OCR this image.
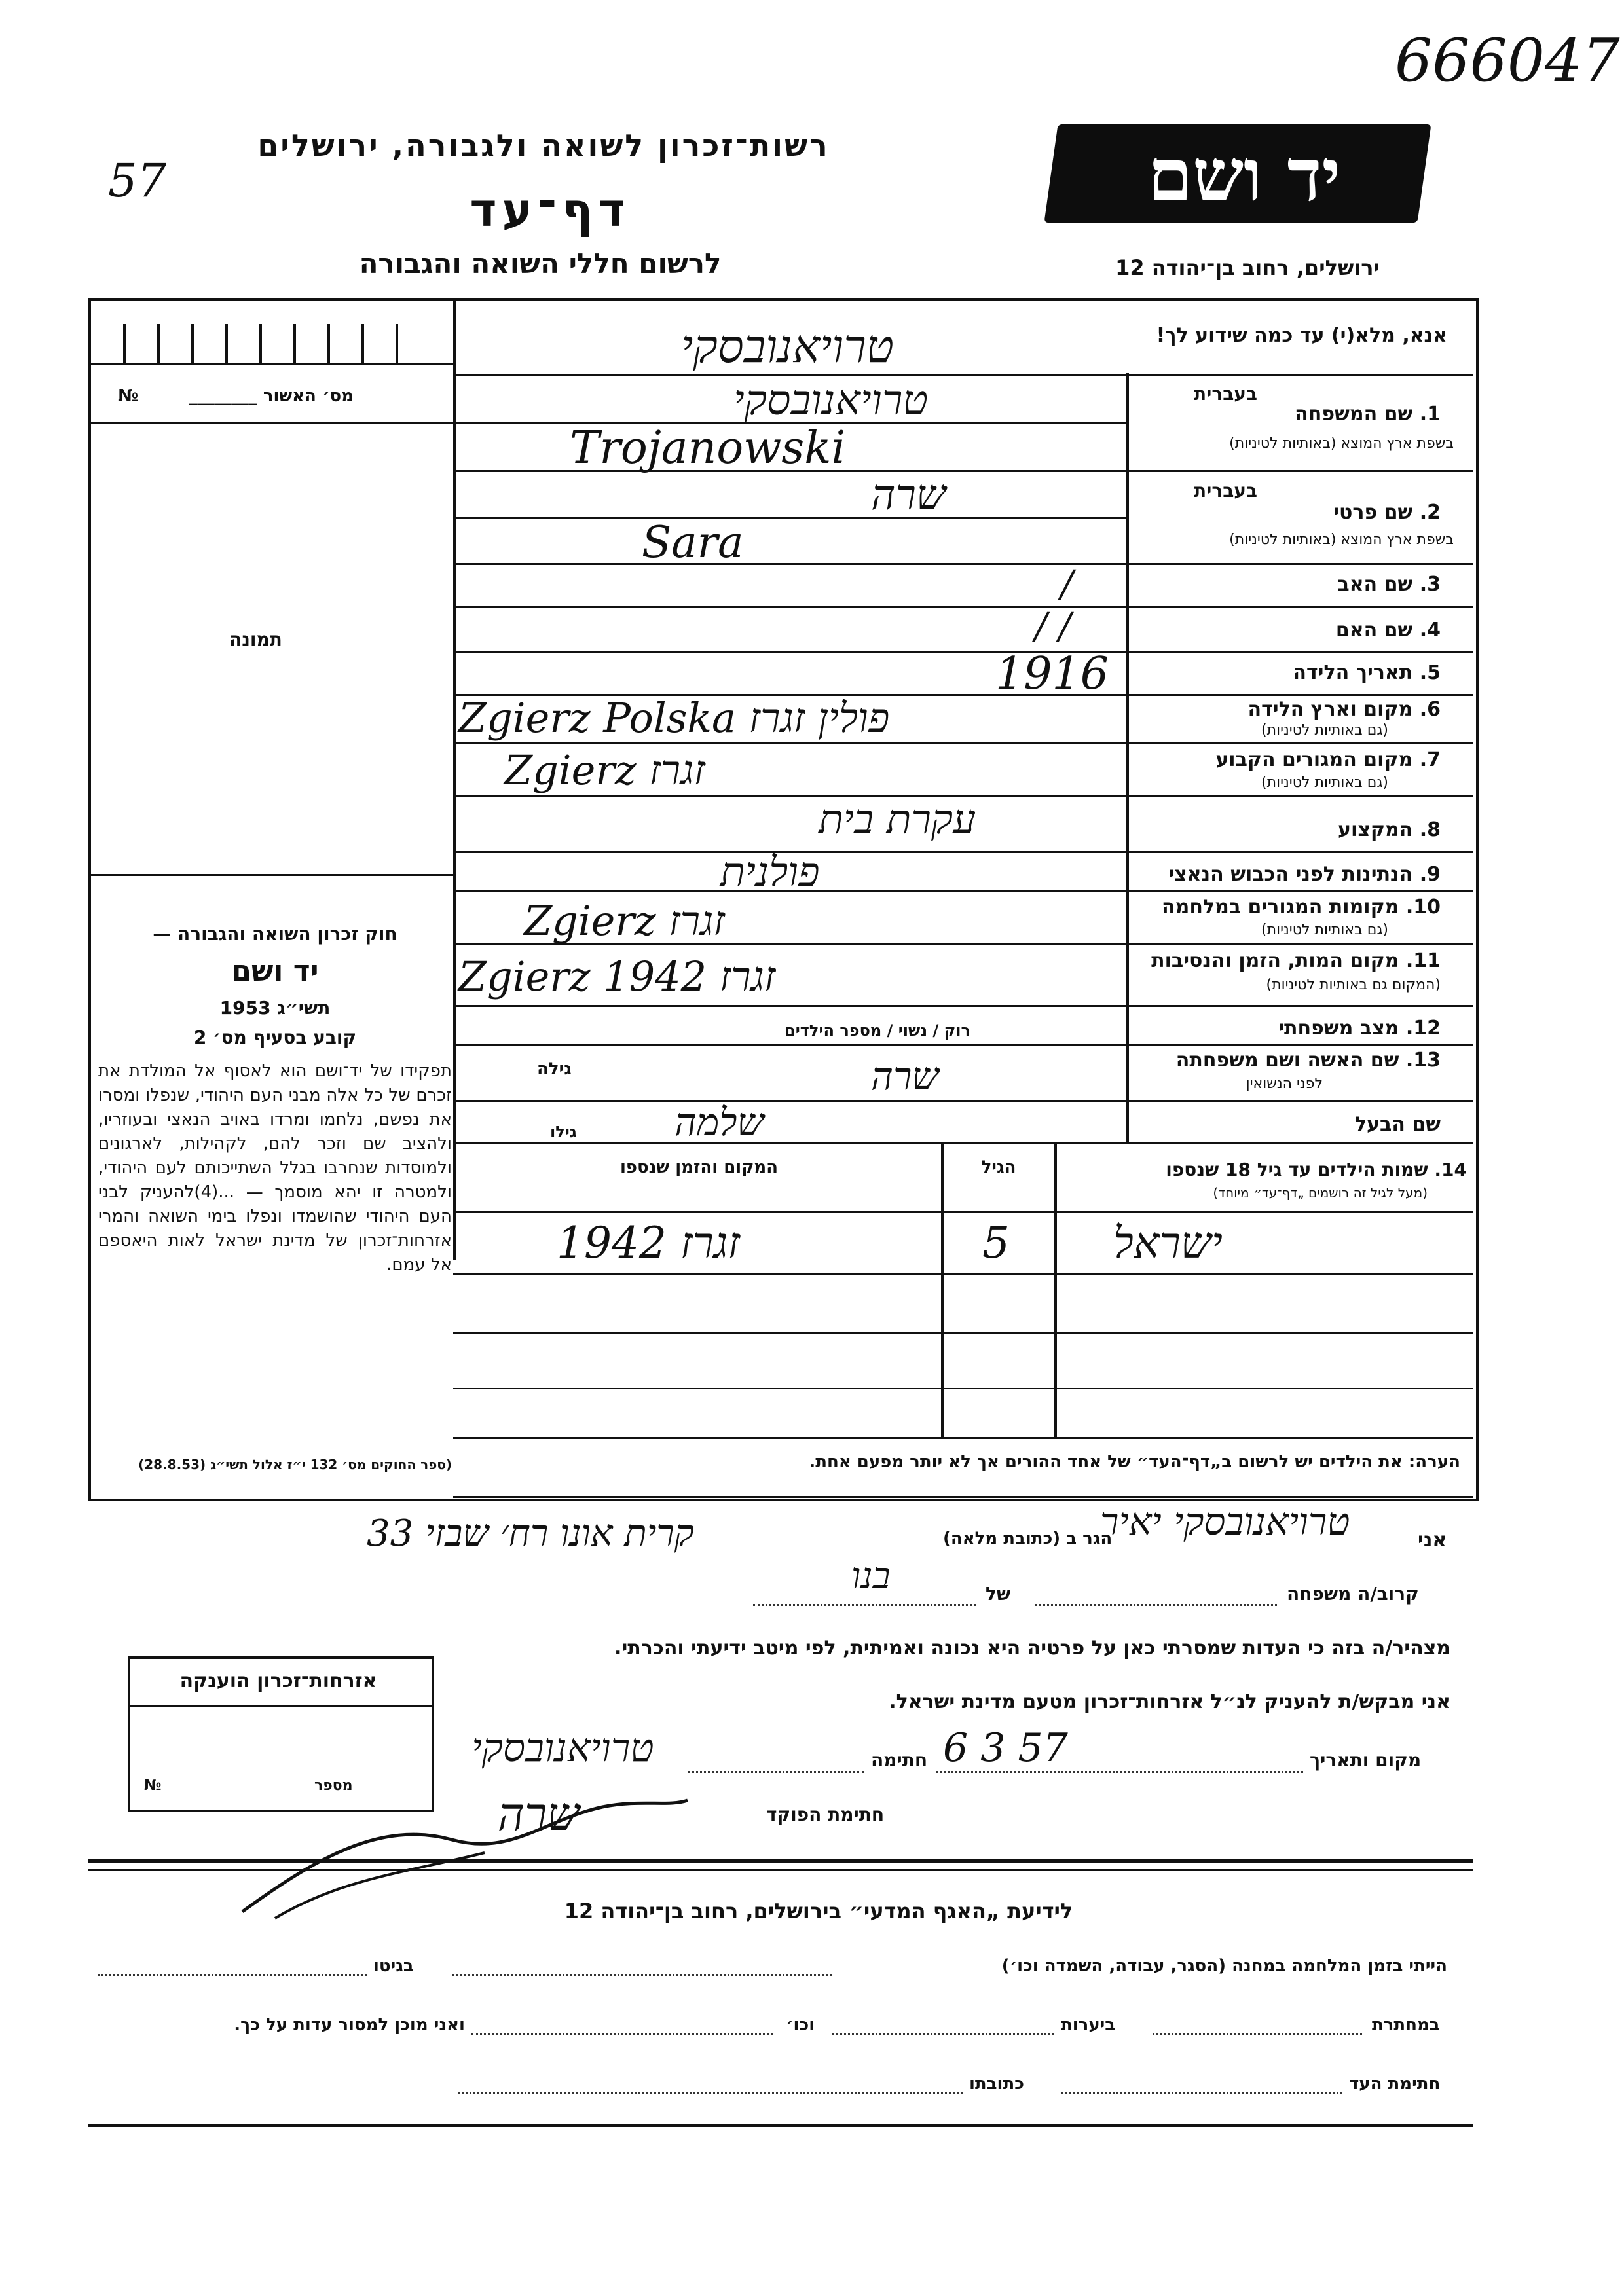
666047
57
רשות־זכרון לשואה ולגבורה, ירושלים
דף־עד
לרשום חללי השואה והגבורה
יד ושם
ירושלים, רחוב בן־יהודה 12
מס׳ האשור ________
№
תמונה
אנא, מלא(י) עד כמה שידוע לך!
טרויאנובסקי
1. שם המשפחה
בעברית
בשפת ארץ המוצא (באותיות לטיניות)
2. שם פרטי
בעברית
בשפת ארץ המוצא (באותיות לטיניות)
3. שם האב
4. שם האם
5. תאריך הלידה
6. מקום וארץ הלידה
(גם באותיות לטיניות)
7. מקום המגורים הקבוע
(גם באותיות לטיניות)
8. המקצוע
9. הנתינות לפני הכבוש הנאצי
10. מקומות המגורים במלחמה
(גם באותיות לטיניות)
11. מקום המות, הזמן והנסיבות
(המקום גם באותיות לטיניות)
12. מצב משפחתי
13. שם האשה ושם משפחתה
לפני הנשואין
שם הבעל
רוק / נשוי / מספר הילדים
גילה
גילו
טרויאנובסקי
Trojanowski
שרה
Sara
/
/ /
1916
Zgierz Polska פולין זגרז
Zgierz זגרז
עקרת בית
פולנית
Zgierz זגרז
Zgierz זגרז 1942
שרה
שלמה
חוק זכרון השואה והגבורה —
יד ושם
תשי״ג 1953
קובע בסעיף מס׳ 2
תפקידו של יד־ושם הוא לאסוף אל המולדת את זכרם של כל אלה מבני העם היהודי, שנפלו ומסרו את נפשם, נלחמו ומרדו באויב הנאצי ובעוזריו, ולהציב שם וזכר להם, לקהילות, לארגונים ולמוסדות שנחרבו בגלל השתייכותם לעם היהודי, ולמטרה זו יהא מוסמך — ...(4)להעניק לבני העם היהודי שהושמדו ונפלו בימי השואה והמרי אזרחות־זכרון של מדינת ישראל לאות היאספם אל עמם.
(ספר החוקים מס׳ 132 י״ז אלול תשי״ג (28.8.53)
14. שמות הילדים עד גיל 18 שנספו
(מעל לגיל זה רושמים „דף־עד״ מיוחד)
הגיל
המקום והזמן שנספו
ישראל
5
זגרז 1942
הערה: את הילדים יש לרשום ב„דף־העד״ של אחד ההורים אך לא יותר מפעם אחת.
אני
טרויאנובסקי יאיר
הגר ב (כתובת מלאה)
קרית אונו רח׳ שבזי 33
קרוב/ה משפחה
של
בנו
מצהיר/ה בזה כי העדות שמסרתי כאן על פרטיה היא נכונה ואמיתית, לפי מיטב ידיעתי והכרתי.
אני מבקש/ת להעניק לנ״ל אזרחות־זכרון מטעם מדינת ישראל.
מקום ותאריך
6 3 57
חתימה
טרויאנובסקי
חתימת הפוקד
שרה
אזרחות־זכרון הוענקה
מספר
№
לידיעת „האגף המדעי״ בירושלים, רחוב בן־יהודה 12
הייתי בזמן המלחמה במחנה (הסגר, עבודה, השמדה וכו׳)
בגיטו
במחתרת
ביערות
וכו׳
ואני מוכן למסור עדות על כך.
חתימת העד
כתובתו
